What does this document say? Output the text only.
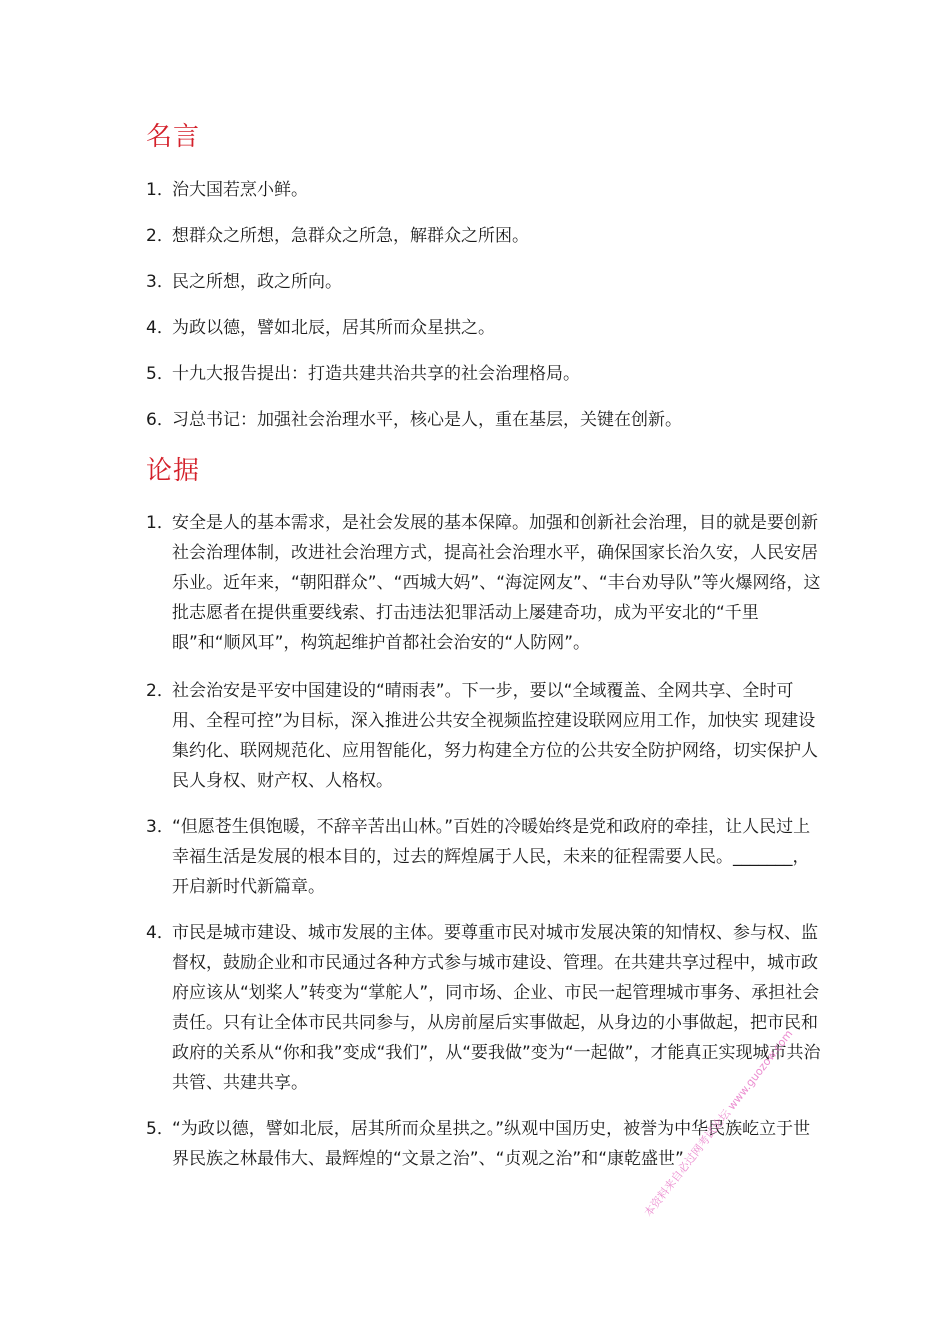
名言
1．治大国若烹小鲜。
2．想群众之所想，急群众之所急，解群众之所困。
3．民之所想，政之所向。
4．为政以德，譬如北辰，居其所而众星拱之。
5．十九大报告提出：打造共建共治共享的社会治理格局。
6．习总书记：加强社会治理水平，核心是人，重在基层，关键在创新。
论据
1．
安全是人的基本需求，是社会发展的基本保障。加强和创新社会治理，目的就是要创新社会治理体制，改进社会治理方式，提高社会治理水平，确保国家长治久安，人民安居乐业。近年来，“朝阳群众”、“西城大妈”、“海淀网友”、“丰台劝导队”等火爆网络，这批志愿者在提供重要线索、打击违法犯罪活动上屡建奇功，成为平安北的“千里眼”和“顺风耳”，构筑起维护首都社会治安的“人防网”。
2．
社会治安是平安中国建设的“晴雨表”。下一步，要以“全域覆盖、全网共享、全时可用、全程可控”为目标，深入推进公共安全视频监控建设联网应用工作，加快实 现建设集约化、联网规范化、应用智能化，努力构建全方位的公共安全防护网络，切实保护人民人身权、财产权、人格权。
3．
“但愿苍生俱饱暖，不辞辛苦出山林。”百姓的冷暖始终是党和政府的牵挂，让人民过上幸福生活是发展的根本目的，过去的辉煌属于人民，未来的征程需要人民。_______，开启新时代新篇章。
4．
市民是城市建设、城市发展的主体。要尊重市民对城市发展决策的知情权、参与权、监督权，鼓励企业和市民通过各种方式参与城市建设、管理。在共建共享过程中，城市政府应该从“划桨人”转变为“掌舵人”，同市场、企业、市民一起管理城市事务、承担社会责任。只有让全体市民共同参与，从房前屋后实事做起，从身边的小事做起，把市民和政府的关系从“你和我”变成“我们”，从“要我做”变为“一起做”，才能真正实现城市共治共管、共建共享。
5．
“为政以德，譬如北辰，居其所而众星拱之。”纵观中国历史，被誉为中华民族屹立于世界民族之林最伟大、最辉煌的“文景之治”、“贞观之治”和“康乾盛世”
本资料来自必过网考试论坛 www.guozow.com
